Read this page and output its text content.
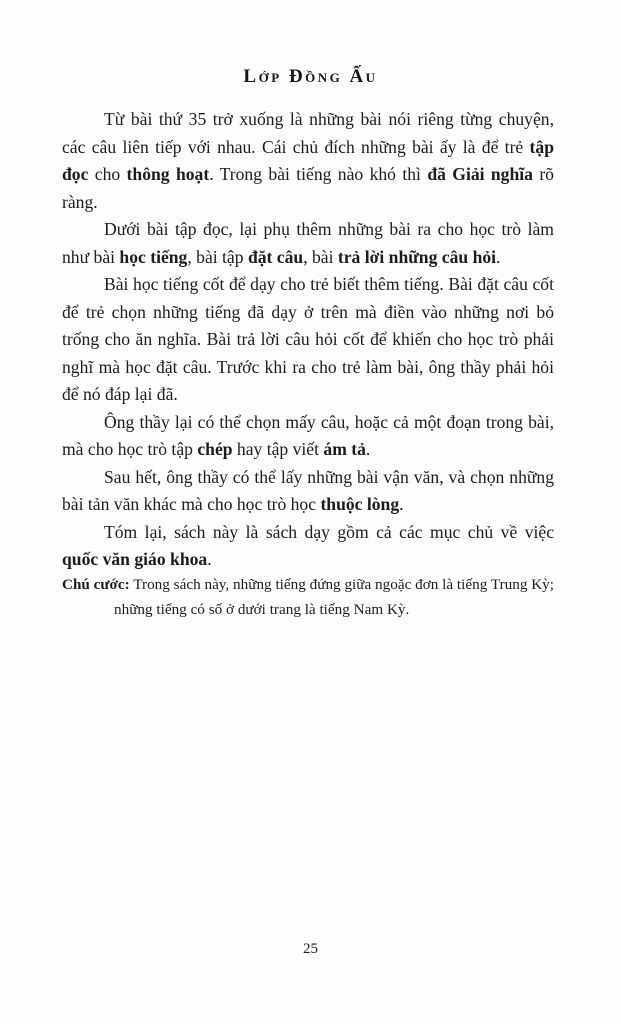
Lớp Đồng Ấu

Từ bài thứ 35 trở xuống là những bài nói riêng từng chuyện, các câu liên tiếp với nhau. Cái chủ đích những bài ấy là để trẻ tập đọc cho thông hoạt. Trong bài tiếng nào khó thì đã Giải nghĩa rõ ràng.

Dưới bài tập đọc, lại phụ thêm những bài ra cho học trò làm như bài học tiếng, bài tập đặt câu, bài trả lời những câu hỏi.

Bài học tiếng cốt để dạy cho trẻ biết thêm tiếng. Bài đặt câu cốt để trẻ chọn những tiếng đã dạy ở trên mà điền vào những nơi bỏ trống cho ăn nghĩa. Bài trả lời câu hỏi cốt để khiến cho học trò phải nghĩ mà học đặt câu. Trước khi ra cho trẻ làm bài, ông thầy phải hỏi để nó đáp lại đã.

Ông thầy lại có thể chọn mấy câu, hoặc cả một đoạn trong bài, mà cho học trò tập chép hay tập viết ám tả.

Sau hết, ông thầy có thể lấy những bài vận văn, và chọn những bài tản văn khác mà cho học trò học thuộc lòng.

Tóm lại, sách này là sách dạy gồm cả các mục chủ về việc quốc văn giáo khoa.

Chú cước: Trong sách này, những tiếng đứng giữa ngoặc đơn là tiếng Trung Kỳ; những tiếng có số ở dưới trang là tiếng Nam Kỳ.
25
